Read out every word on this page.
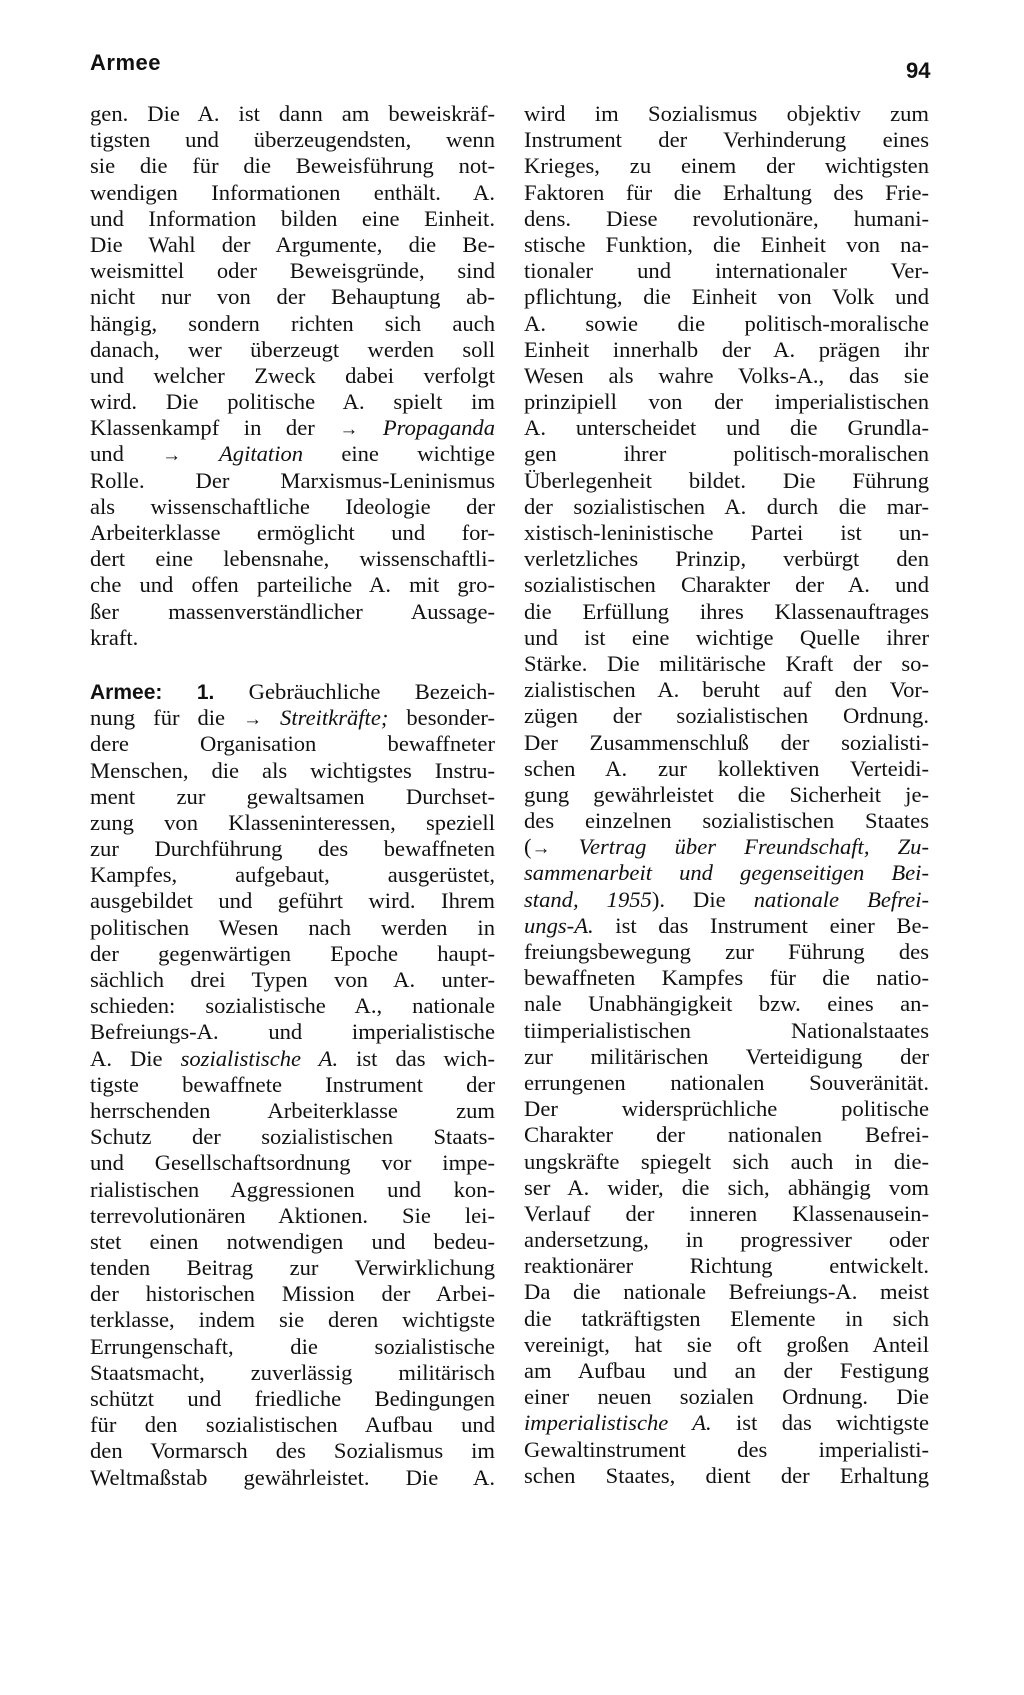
Armee	94
gen. Die A. ist dann am beweiskräf-
tigsten und überzeugendsten, wenn
sie die für die Beweisführung not-
wendigen Informationen enthält. A.
und Information bilden eine Einheit.
Die Wahl der Argumente, die Be-
weismittel oder Beweisgründe, sind
nicht nur von der Behauptung ab-
hängig, sondern richten sich auch
danach, wer überzeugt werden soll
und welcher Zweck dabei verfolgt
wird. Die politische A. spielt im
Klassenkampf in der → Propaganda
und → Agitation eine wichtige
Rolle. Der Marxismus-Leninismus
als wissenschaftliche Ideologie der
Arbeiterklasse ermöglicht und for-
dert eine lebensnahe, wissenschaftli-
che und offen parteiliche A. mit gro-
ßer massenverständlicher Aussage-
kraft.
Armee: 1. Gebräuchliche Bezeich-
nung für die → Streitkräfte; besonder-
dere Organisation bewaffneter
Menschen, die als wichtigstes Instru-
ment zur gewaltsamen Durchset-
zung von Klasseninteressen, speziell
zur Durchführung des bewaffneten
Kampfes, aufgebaut, ausgerüstet,
ausgebildet und geführt wird. Ihrem
politischen Wesen nach werden in
der gegenwärtigen Epoche haupt-
sächlich drei Typen von A. unter-
schieden: sozialistische A., nationale
Befreiungs-A. und imperialistische
A. Die sozialistische A. ist das wich-
tigste bewaffnete Instrument der
herrschenden Arbeiterklasse zum
Schutz der sozialistischen Staats-
und Gesellschaftsordnung vor impe-
rialistischen Aggressionen und kon-
terrevolutionären Aktionen. Sie lei-
stet einen notwendigen und bedeu-
tenden Beitrag zur Verwirklichung
der historischen Mission der Arbei-
terklasse, indem sie deren wichtigste
Errungenschaft, die sozialistische
Staatsmacht, zuverlässig militärisch
schützt und friedliche Bedingungen
für den sozialistischen Aufbau und
den Vormarsch des Sozialismus im
Weltmaßstab gewährleistet. Die A.
wird im Sozialismus objektiv zum
Instrument der Verhinderung eines
Krieges, zu einem der wichtigsten
Faktoren für die Erhaltung des Frie-
dens. Diese revolutionäre, humani-
stische Funktion, die Einheit von na-
tionaler und internationaler Ver-
pflichtung, die Einheit von Volk und
A. sowie die politisch-moralische
Einheit innerhalb der A. prägen ihr
Wesen als wahre Volks-A., das sie
prinzipiell von der imperialistischen
A. unterscheidet und die Grundla-
gen ihrer politisch-moralischen
Überlegenheit bildet. Die Führung
der sozialistischen A. durch die mar-
xistisch-leninistische Partei ist un-
verletzliches Prinzip, verbürgt den
sozialistischen Charakter der A. und
die Erfüllung ihres Klassenauftrages
und ist eine wichtige Quelle ihrer
Stärke. Die militärische Kraft der so-
zialistischen A. beruht auf den Vor-
zügen der sozialistischen Ordnung.
Der Zusammenschluß der sozialisti-
schen A. zur kollektiven Verteidi-
gung gewährleistet die Sicherheit je-
des einzelnen sozialistischen Staates
(→ Vertrag über Freundschaft, Zu-
sammenarbeit und gegenseitigen Bei-
stand, 1955). Die nationale Befrei-
ungs-A. ist das Instrument einer Be-
freiungsbewegung zur Führung des
bewaffneten Kampfes für die natio-
nale Unabhängigkeit bzw. eines an-
tiimperialistischen Nationalstaates
zur militärischen Verteidigung der
errungenen nationalen Souveränität.
Der widersprüchliche politische
Charakter der nationalen Befrei-
ungskräfte spiegelt sich auch in die-
ser A. wider, die sich, abhängig vom
Verlauf der inneren Klassenausein-
andersetzung, in progressiver oder
reaktionärer Richtung entwickelt.
Da die nationale Befreiungs-A. meist
die tatkräftigsten Elemente in sich
vereinigt, hat sie oft großen Anteil
am Aufbau und an der Festigung
einer neuen sozialen Ordnung. Die
imperialistische A. ist das wichtigste
Gewaltinstrument des imperialisti-
schen Staates, dient der Erhaltung
